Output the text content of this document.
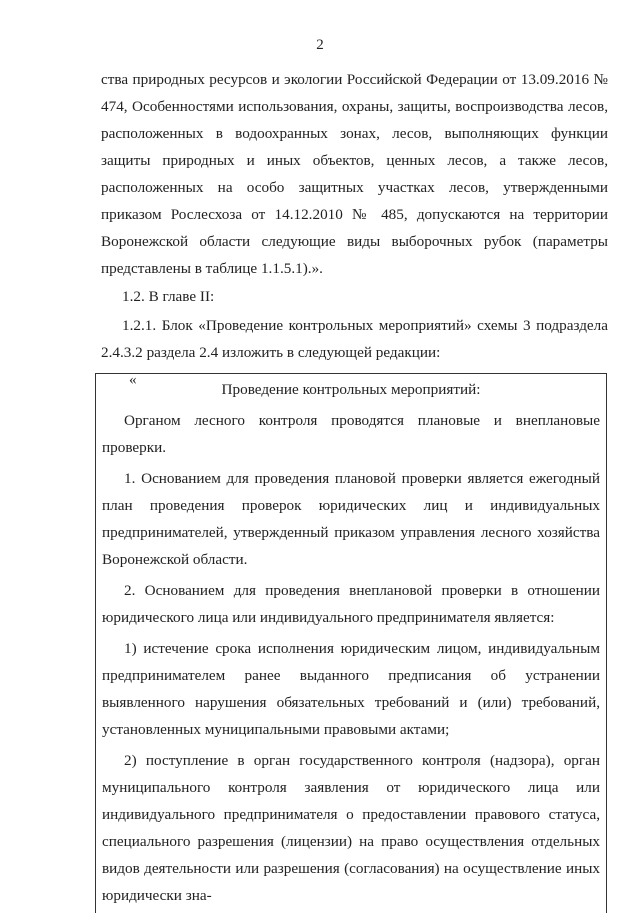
2

ства природных ресурсов и экологии Российской Федерации от 13.09.2016 № 474, Особенностями использования, охраны, защиты, воспроизводства лесов, расположенных в водоохранных зонах, лесов, выполняющих функции защиты природных и иных объектов, ценных лесов, а также лесов, расположенных на особо защитных участках лесов, утвержденными приказом Рослесхоза от 14.12.2010 № 485, допускаются на территории Воронежской области следующие виды выборочных рубок (параметры представлены в таблице 1.1.5.1).».

1.2. В главе II:

1.2.1. Блок «Проведение контрольных мероприятий» схемы 3 подраздела 2.4.3.2 раздела 2.4 изложить в следующей редакции:

«

Проведение контрольных мероприятий:

Органом лесного контроля проводятся плановые и внеплановые проверки.

1. Основанием для проведения плановой проверки является ежегодный план проведения проверок юридических лиц и индивидуальных предпринимателей, утвержденный приказом управления лесного хозяйства Воронежской области.

2. Основанием для проведения внеплановой проверки в отношении юридического лица или индивидуального предпринимателя является:

1) истечение срока исполнения юридическим лицом, индивидуальным предпринимателем ранее выданного предписания об устранении выявленного нарушения обязательных требований и (или) требований, установленных муниципальными правовыми актами;

2) поступление в орган государственного контроля (надзора), орган муниципального контроля заявления от юридического лица или индивидуального предпринимателя о предоставлении правового статуса, специального разрешения (лицензии) на право осуществления отдельных видов деятельности или разрешения (согласования) на осуществление иных юридически зна-
